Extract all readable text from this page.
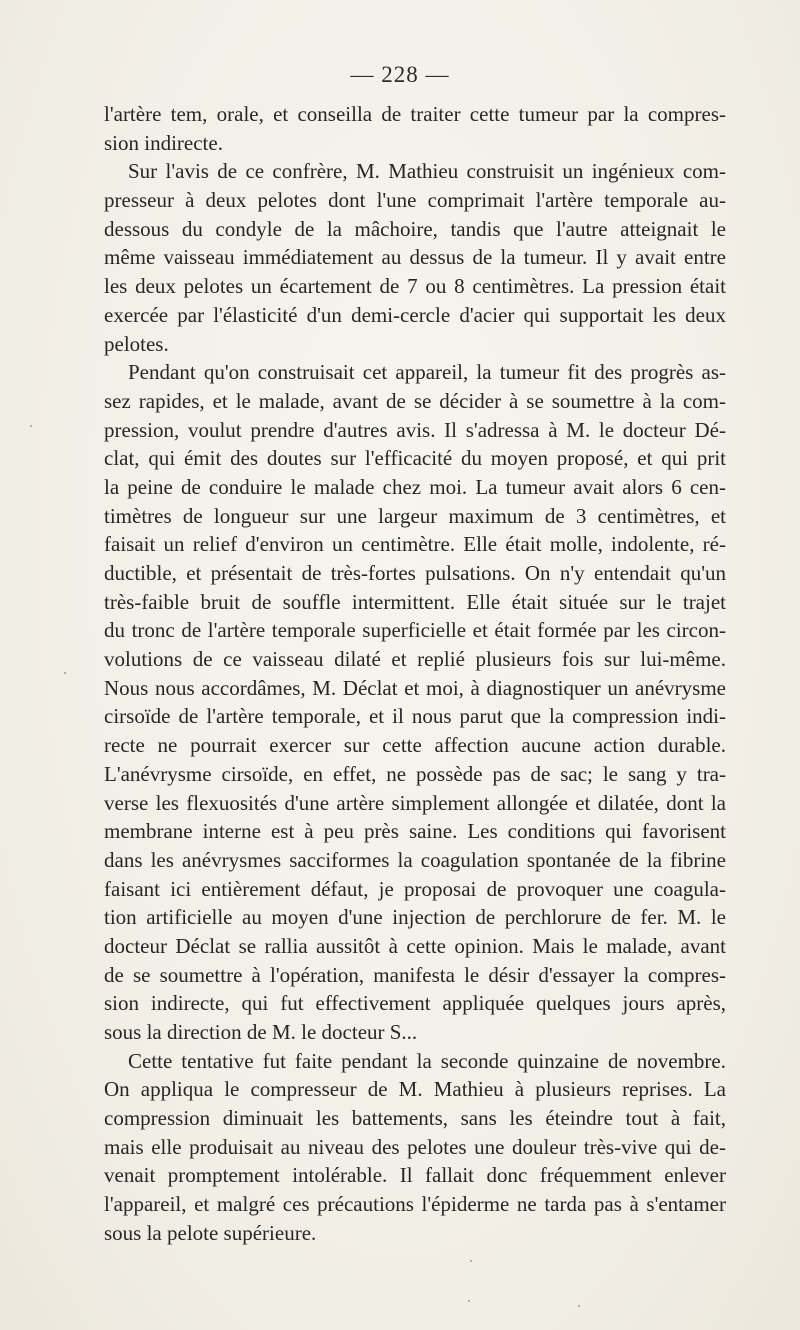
— 228 —
l'artère tem, orale, et conseilla de traiter cette tumeur par la compres-
sion indirecte.
Sur l'avis de ce confrère, M. Mathieu construisit un ingénieux com-
presseur à deux pelotes dont l'une comprimait l'artère temporale au-
dessous du condyle de la mâchoire, tandis que l'autre atteignait le
même vaisseau immédiatement au dessus de la tumeur. Il y avait entre
les deux pelotes un écartement de 7 ou 8 centimètres. La pression était
exercée par l'élasticité d'un demi-cercle d'acier qui supportait les deux
pelotes.
Pendant qu'on construisait cet appareil, la tumeur fit des progrès as-
sez rapides, et le malade, avant de se décider à se soumettre à la com-
pression, voulut prendre d'autres avis. Il s'adressa à M. le docteur Dé-
clat, qui émit des doutes sur l'efficacité du moyen proposé, et qui prit
la peine de conduire le malade chez moi. La tumeur avait alors 6 cen-
timètres de longueur sur une largeur maximum de 3 centimètres, et
faisait un relief d'environ un centimètre. Elle était molle, indolente, ré-
ductible, et présentait de très-fortes pulsations. On n'y entendait qu'un
très-faible bruit de souffle intermittent. Elle était située sur le trajet
du tronc de l'artère temporale superficielle et était formée par les circon-
volutions de ce vaisseau dilaté et replié plusieurs fois sur lui-même.
Nous nous accordâmes, M. Déclat et moi, à diagnostiquer un anévrysme
cirsoïde de l'artère temporale, et il nous parut que la compression indi-
recte ne pourrait exercer sur cette affection aucune action durable.
L'anévrysme cirsoïde, en effet, ne possède pas de sac; le sang y tra-
verse les flexuosités d'une artère simplement allongée et dilatée, dont la
membrane interne est à peu près saine. Les conditions qui favorisent
dans les anévrysmes sacciformes la coagulation spontanée de la fibrine
faisant ici entièrement défaut, je proposai de provoquer une coagula-
tion artificielle au moyen d'une injection de perchlorure de fer. M. le
docteur Déclat se rallia aussitôt à cette opinion. Mais le malade, avant
de se soumettre à l'opération, manifesta le désir d'essayer la compres-
sion indirecte, qui fut effectivement appliquée quelques jours après,
sous la direction de M. le docteur S...
Cette tentative fut faite pendant la seconde quinzaine de novembre.
On appliqua le compresseur de M. Mathieu à plusieurs reprises. La
compression diminuait les battements, sans les éteindre tout à fait,
mais elle produisait au niveau des pelotes une douleur très-vive qui de-
venait promptement intolérable. Il fallait donc fréquemment enlever
l'appareil, et malgré ces précautions l'épiderme ne tarda pas à s'entamer
sous la pelote supérieure.
